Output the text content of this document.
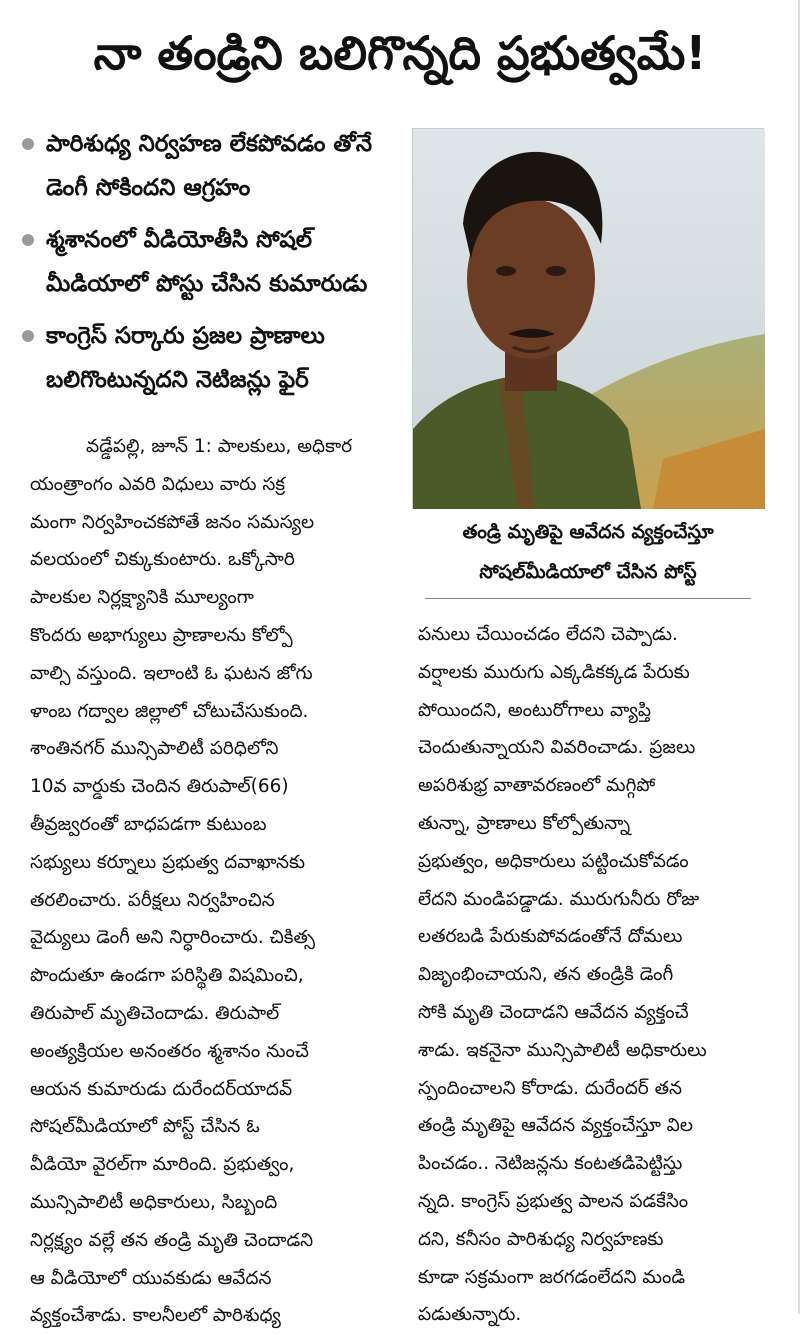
నా తండ్రిని బలిగొన్నది ప్రభుత్వమే!
పారిశుధ్య నిర్వహణ లేకపోవడం తోనే డెంగీ సోకిందని ఆగ్రహం
శ్మశానంలో వీడియోతీసి సోషల్ మీడియాలో పోస్టు చేసిన కుమారుడు
కాంగ్రెస్ సర్కారు ప్రజల ప్రాణాలు బలిగొంటున్నదని నెటిజన్లు ఫైర్
తండ్రి మృతిపై ఆవేదన వ్యక్తంచేస్తూ
సోషల్‌మీడియాలో చేసిన పోస్ట్
వడ్డేపల్లి, జూన్ 1: పాలకులు, అధికార
యంత్రాంగం ఎవరి విధులు వారు సక్ర
మంగా నిర్వహించకపోతే జనం సమస్యల
వలయంలో చిక్కుకుంటారు. ఒక్కోసారి
పాలకుల నిర్లక్ష్యానికి మూల్యంగా
కొందరు అభాగ్యులు ప్రాణాలను కోల్పో
వాల్సి వస్తుంది. ఇలాంటి ఓ ఘటన జోగు
ళాంబ గద్వాల జిల్లాలో చోటుచేసుకుంది.
శాంతినగర్ మున్సిపాలిటీ పరిధిలోని
10వ వార్డుకు చెందిన తిరుపాల్(66)
తీవ్రజ్వరంతో బాధపడగా కుటుంబ
సభ్యులు కర్నూలు ప్రభుత్వ దవాఖానకు
తరలించారు. పరీక్షలు నిర్వహించిన
వైద్యులు డెంగీ అని నిర్ధారించారు. చికిత్స
పొందుతూ ఉండగా పరిస్థితి విషమించి,
తిరుపాల్ మృతిచెందాడు. తిరుపాల్
అంత్యక్రియల అనంతరం శ్మశానం నుంచే
ఆయన కుమారుడు దురేందర్‌యాదవ్
సోషల్‌మీడియాలో పోస్ట్ చేసిన ఓ
వీడియో వైరల్‌గా మారింది. ప్రభుత్వం,
మున్సిపాలిటీ అధికారులు, సిబ్బంది
నిర్లక్ష్యం వల్లే తన తండ్రి మృతి చెందాడని
ఆ వీడియోలో యువకుడు ఆవేదన
వ్యక్తంచేశాడు. కాలనీలలో పారిశుధ్య
పనులు చేయించడం లేదని చెప్పాడు.
వర్షాలకు మురుగు ఎక్కడికక్కడ పేరుకు
పోయిందని, అంటురోగాలు వ్యాప్తి
చెందుతున్నాయని వివరించాడు. ప్రజలు
అపరిశుభ్ర వాతావరణంలో మగ్గిపో
తున్నా, ప్రాణాలు కోల్పోతున్నా
ప్రభుత్వం, అధికారులు పట్టించుకోవడం
లేదని మండిపడ్డాడు. మురుగునీరు రోజు
లతరబడి పేరుకుపోవడంతోనే దోమలు
విజృంభించాయని, తన తండ్రికి డెంగీ
సోకి మృతి చెందాడని ఆవేదన వ్యక్తంచే
శాడు. ఇకనైనా మున్సిపాలిటీ అధికారులు
స్పందించాలని కోరాడు. దురేందర్ తన
తండ్రి మృతిపై ఆవేదన వ్యక్తంచేస్తూ విల
పించడం.. నెటిజన్లను కంటతడిపెట్టిస్తు
న్నది. కాంగ్రెస్ ప్రభుత్వ పాలన పడకేసిం
దని, కనీసం పారిశుధ్య నిర్వహణకు
కూడా సక్రమంగా జరగడంలేదని మండి
పడుతున్నారు.
